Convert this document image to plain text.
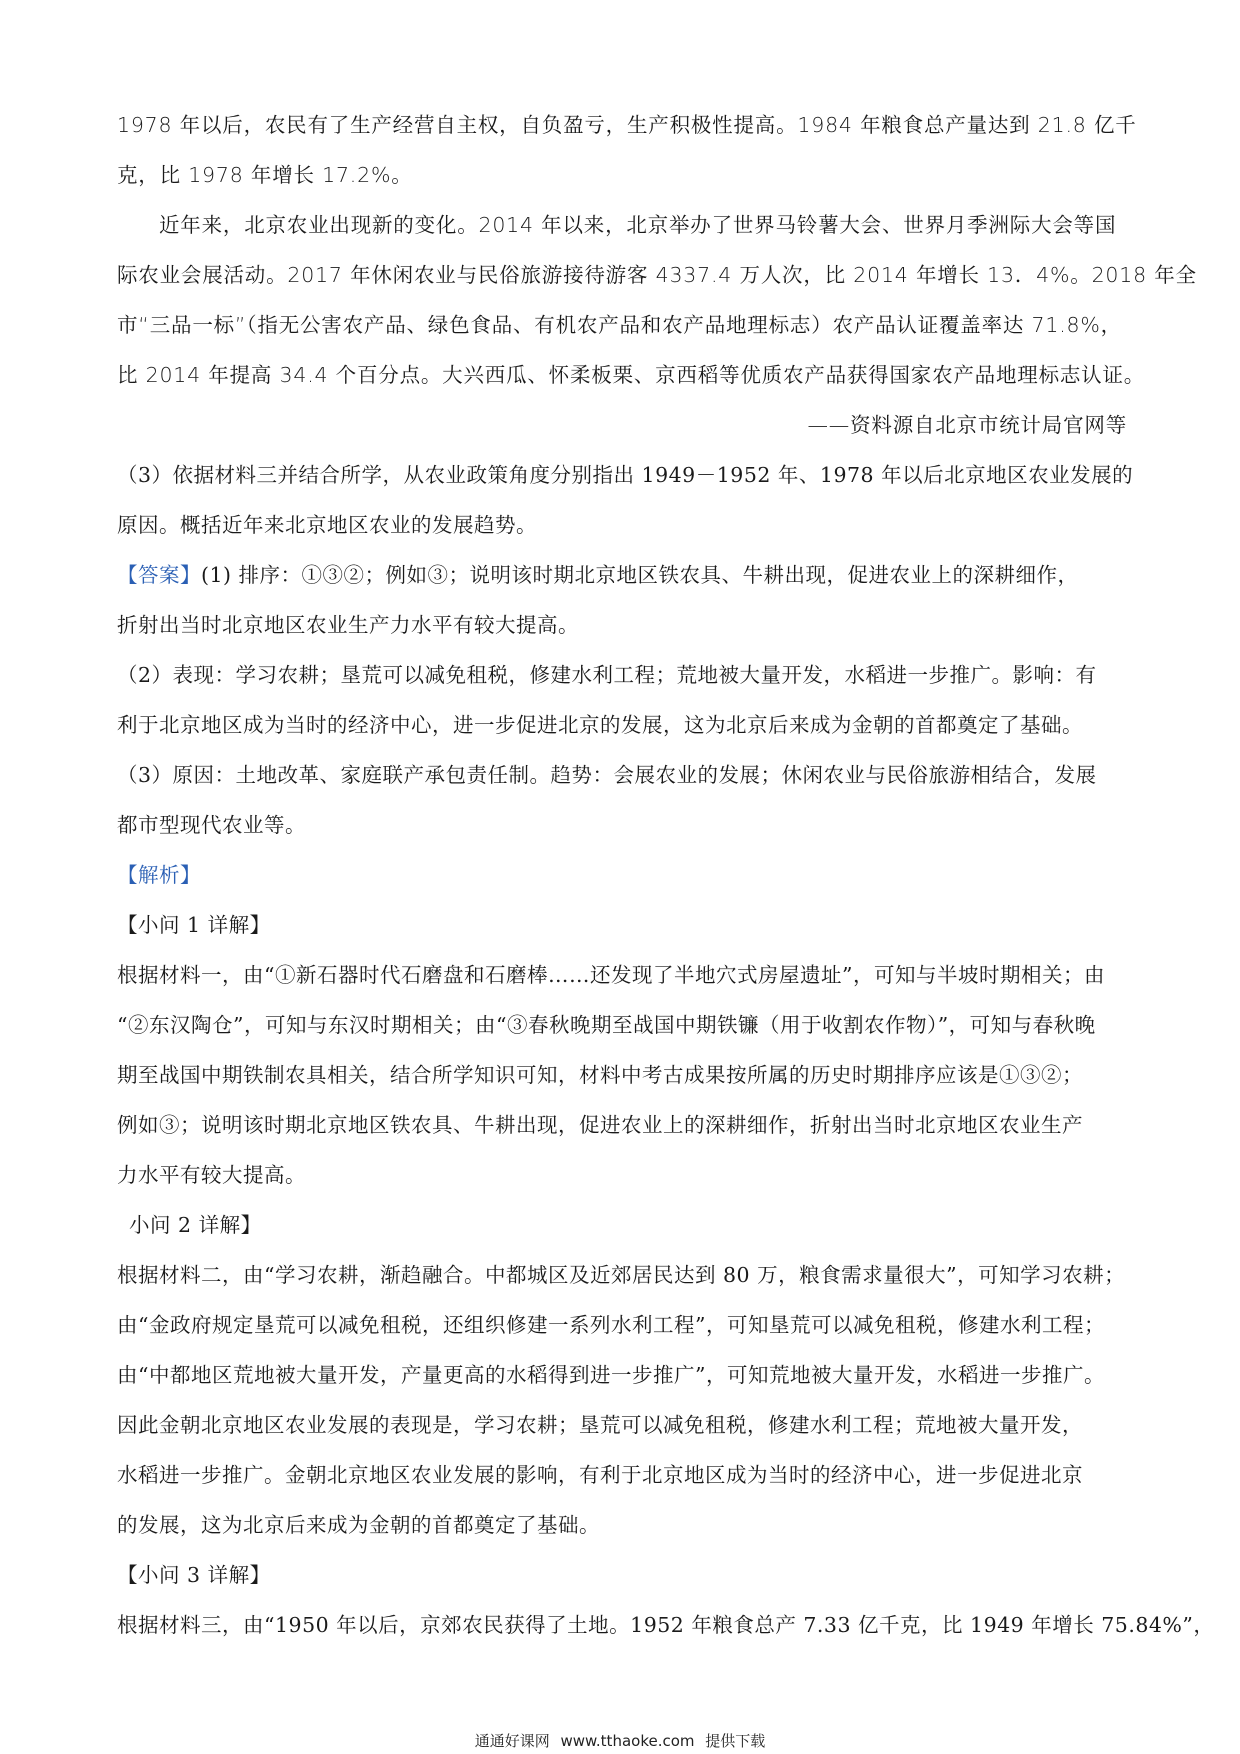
1978 年以后，农民有了生产经营自主权，自负盈亏，生产积极性提高。1984 年粮食总产量达到 21.8 亿千
克，比 1978 年增长 17.2%。
近年来，北京农业出现新的变化。2014 年以来，北京举办了世界马铃薯大会、世界月季洲际大会等国
际农业会展活动。2017 年休闲农业与民俗旅游接待游客 4337.4 万人次，比 2014 年增长 13．4%。2018 年全
市“三品一标”（指无公害农产品、绿色食品、有机农产品和农产品地理标志）农产品认证覆盖率达 71.8%，
比 2014 年提高 34.4 个百分点。大兴西瓜、怀柔板栗、京西稻等优质农产品获得国家农产品地理标志认证。
——资料源自北京市统计局官网等
（3）依据材料三并结合所学，从农业政策角度分别指出 1949－1952 年、1978 年以后北京地区农业发展的
原因。概括近年来北京地区农业的发展趋势。
【答案】(1) 排序：①③②；例如③；说明该时期北京地区铁农具、牛耕出现，促进农业上的深耕细作，
折射出当时北京地区农业生产力水平有较大提高。
（2）表现：学习农耕；垦荒可以减免租税，修建水利工程；荒地被大量开发，水稻进一步推广。影响：有
利于北京地区成为当时的经济中心，进一步促进北京的发展，这为北京后来成为金朝的首都奠定了基础。
（3）原因：土地改革、家庭联产承包责任制。趋势：会展农业的发展；休闲农业与民俗旅游相结合，发展
都市型现代农业等。
【解析】
【小问 1 详解】
根据材料一，由“①新石器时代石磨盘和石磨棒……还发现了半地穴式房屋遗址”，可知与半坡时期相关；由
“②东汉陶仓”，可知与东汉时期相关；由“③春秋晚期至战国中期铁镰（用于收割农作物）”，可知与春秋晚
期至战国中期铁制农具相关，结合所学知识可知，材料中考古成果按所属的历史时期排序应该是①③②；
例如③；说明该时期北京地区铁农具、牛耕出现，促进农业上的深耕细作，折射出当时北京地区农业生产
力水平有较大提高。
小问 2 详解】
根据材料二，由“学习农耕，渐趋融合。中都城区及近郊居民达到 80 万，粮食需求量很大”，可知学习农耕；
由“金政府规定垦荒可以减免租税，还组织修建一系列水利工程”，可知垦荒可以减免租税，修建水利工程；
由“中都地区荒地被大量开发，产量更高的水稻得到进一步推广”，可知荒地被大量开发，水稻进一步推广。
因此金朝北京地区农业发展的表现是，学习农耕；垦荒可以减免租税，修建水利工程；荒地被大量开发，
水稻进一步推广。金朝北京地区农业发展的影响，有利于北京地区成为当时的经济中心，进一步促进北京
的发展，这为北京后来成为金朝的首都奠定了基础。
【小问 3 详解】
根据材料三，由“1950 年以后，京郊农民获得了土地。1952 年粮食总产 7.33 亿千克，比 1949 年增长 75.84%”，
通通好课网 www.tthaoke.com 提供下载
